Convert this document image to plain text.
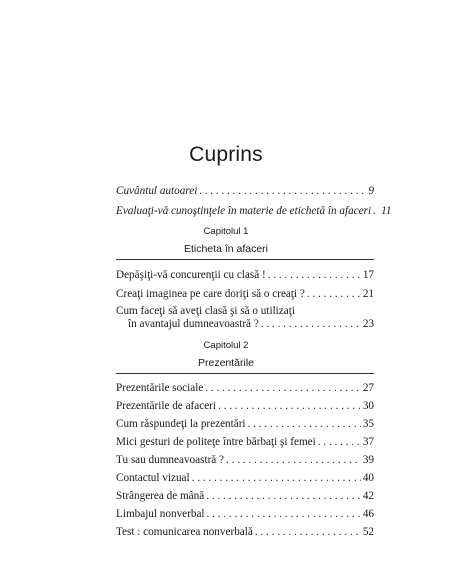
Cuprins
Cuvântul autoarei . . .	9
Evaluaţi-vă cunoştinţele în materie de etichetă în afaceri . . . 11
Capitolul 1
Eticheta în afaceri
Depăşiţi-vă concurenţii cu clasă ! . . .	17
Creaţi imaginea pe care doriţi să o creaţi ? . . .	21
Cum faceţi să aveţi clasă şi să o utilizaţi
în avantajul dumneavoastră ? . . .	23
Capitolul 2
Prezentările
Prezentările sociale . . .	27
Prezentările de afaceri . . .	30
Cum răspundeţi la prezentări . . .	35
Mici gesturi de politeţe între bărbaţi şi femei . . .	37
Tu sau dumneavoastră ? . . .	39
Contactul vizual . . .	40
Strângerea de mână . . .	42
Limbajul nonverbal . . .	46
Test : comunicarea nonverbală . . .	52
